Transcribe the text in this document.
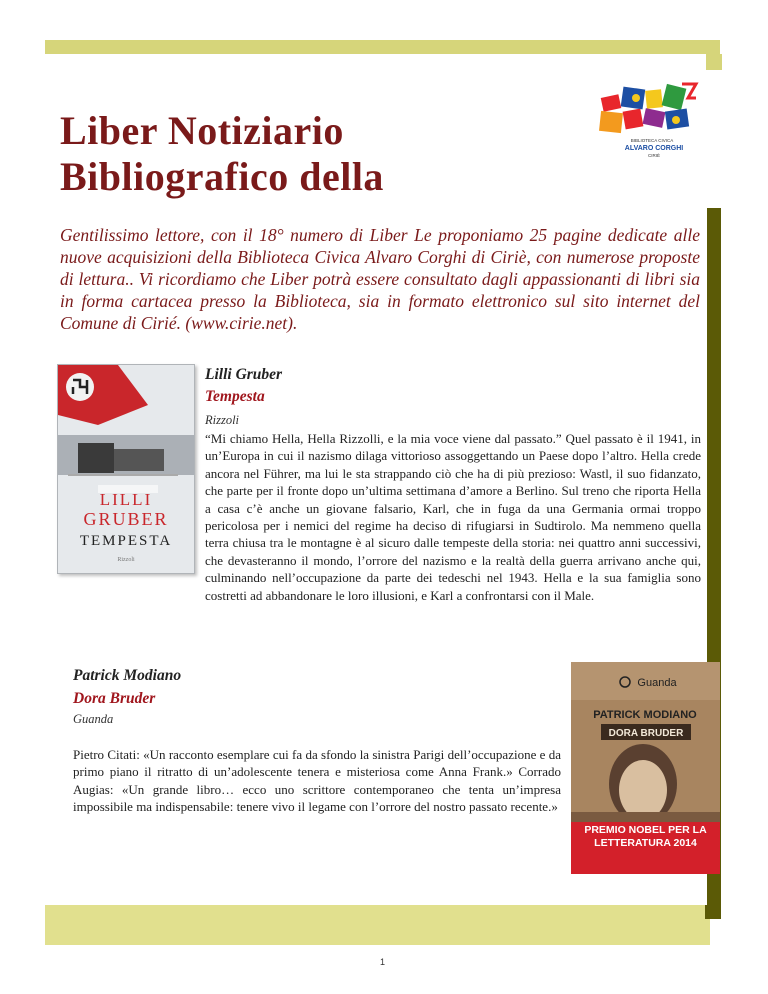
Liber Notiziario Bibliografico della
BIBLIOTECA CIVICA
ALVARO CORGHI
CIRIÈ

Gentilissimo lettore, con il 18° numero di Liber Le proponiamo 25 pagine dedicate alle nuove acquisizioni della Biblioteca Civica Alvaro Corghi di Ciriè, con numerose proposte di lettura.. Vi ricordiamo che Liber potrà essere consultato dagli appassionanti di libri sia in forma cartacea presso la Biblioteca, sia in formato elettronico sul sito internet del Comune di Cirié. (www.cirie.net).

LILLI
GRUBER
TEMPESTA
Rizzoli

Lilli Gruber

Tempesta

Rizzoli

“Mi chiamo Hella, Hella Rizzolli, e la mia voce viene dal passato.” Quel passato è il 1941, in un’Europa in cui il nazismo dilaga vittorioso assoggettando un Paese dopo l’altro. Hella crede ancora nel Führer, ma lui le sta strappando ciò che ha di più prezioso: Wastl, il suo fidanzato, che parte per il fronte dopo un’ultima settimana d’amore a Berlino. Sul treno che riporta Hella a casa c’è anche un giovane falsario, Karl, che in fuga da una Germania ormai troppo pericolosa per i nemici del regime ha deciso di rifugiarsi in Sudtirolo. Ma nemmeno quella terra chiusa tra le montagne è al sicuro dalle tempeste della storia: nei quattro anni successivi, che devasteranno il mondo, l’orrore del nazismo e la realtà della guerra arrivano anche qui, culminando nell’occupazione da parte dei tedeschi nel 1943. Hella e la sua famiglia sono costretti ad abbandonare le loro illusioni, e Karl a confrontarsi con il Male.

Guanda
PATRICK MODIANO
DORA BRUDER
PREMIO NOBEL PER LA LETTERATURA 2014

Patrick Modiano

Dora Bruder

Guanda

Pietro Citati: «Un racconto esemplare cui fa da sfondo la sinistra Parigi dell’occupazione e da primo piano il ritratto di un’adolescente tenera e misteriosa come Anna Frank.» Corrado Augias: «Un grande libro… ecco uno scrittore contemporaneo che tenta un’impresa impossibile ma indispensabile: tenere vivo il legame con l’orrore del nostro passato recente.»

1
